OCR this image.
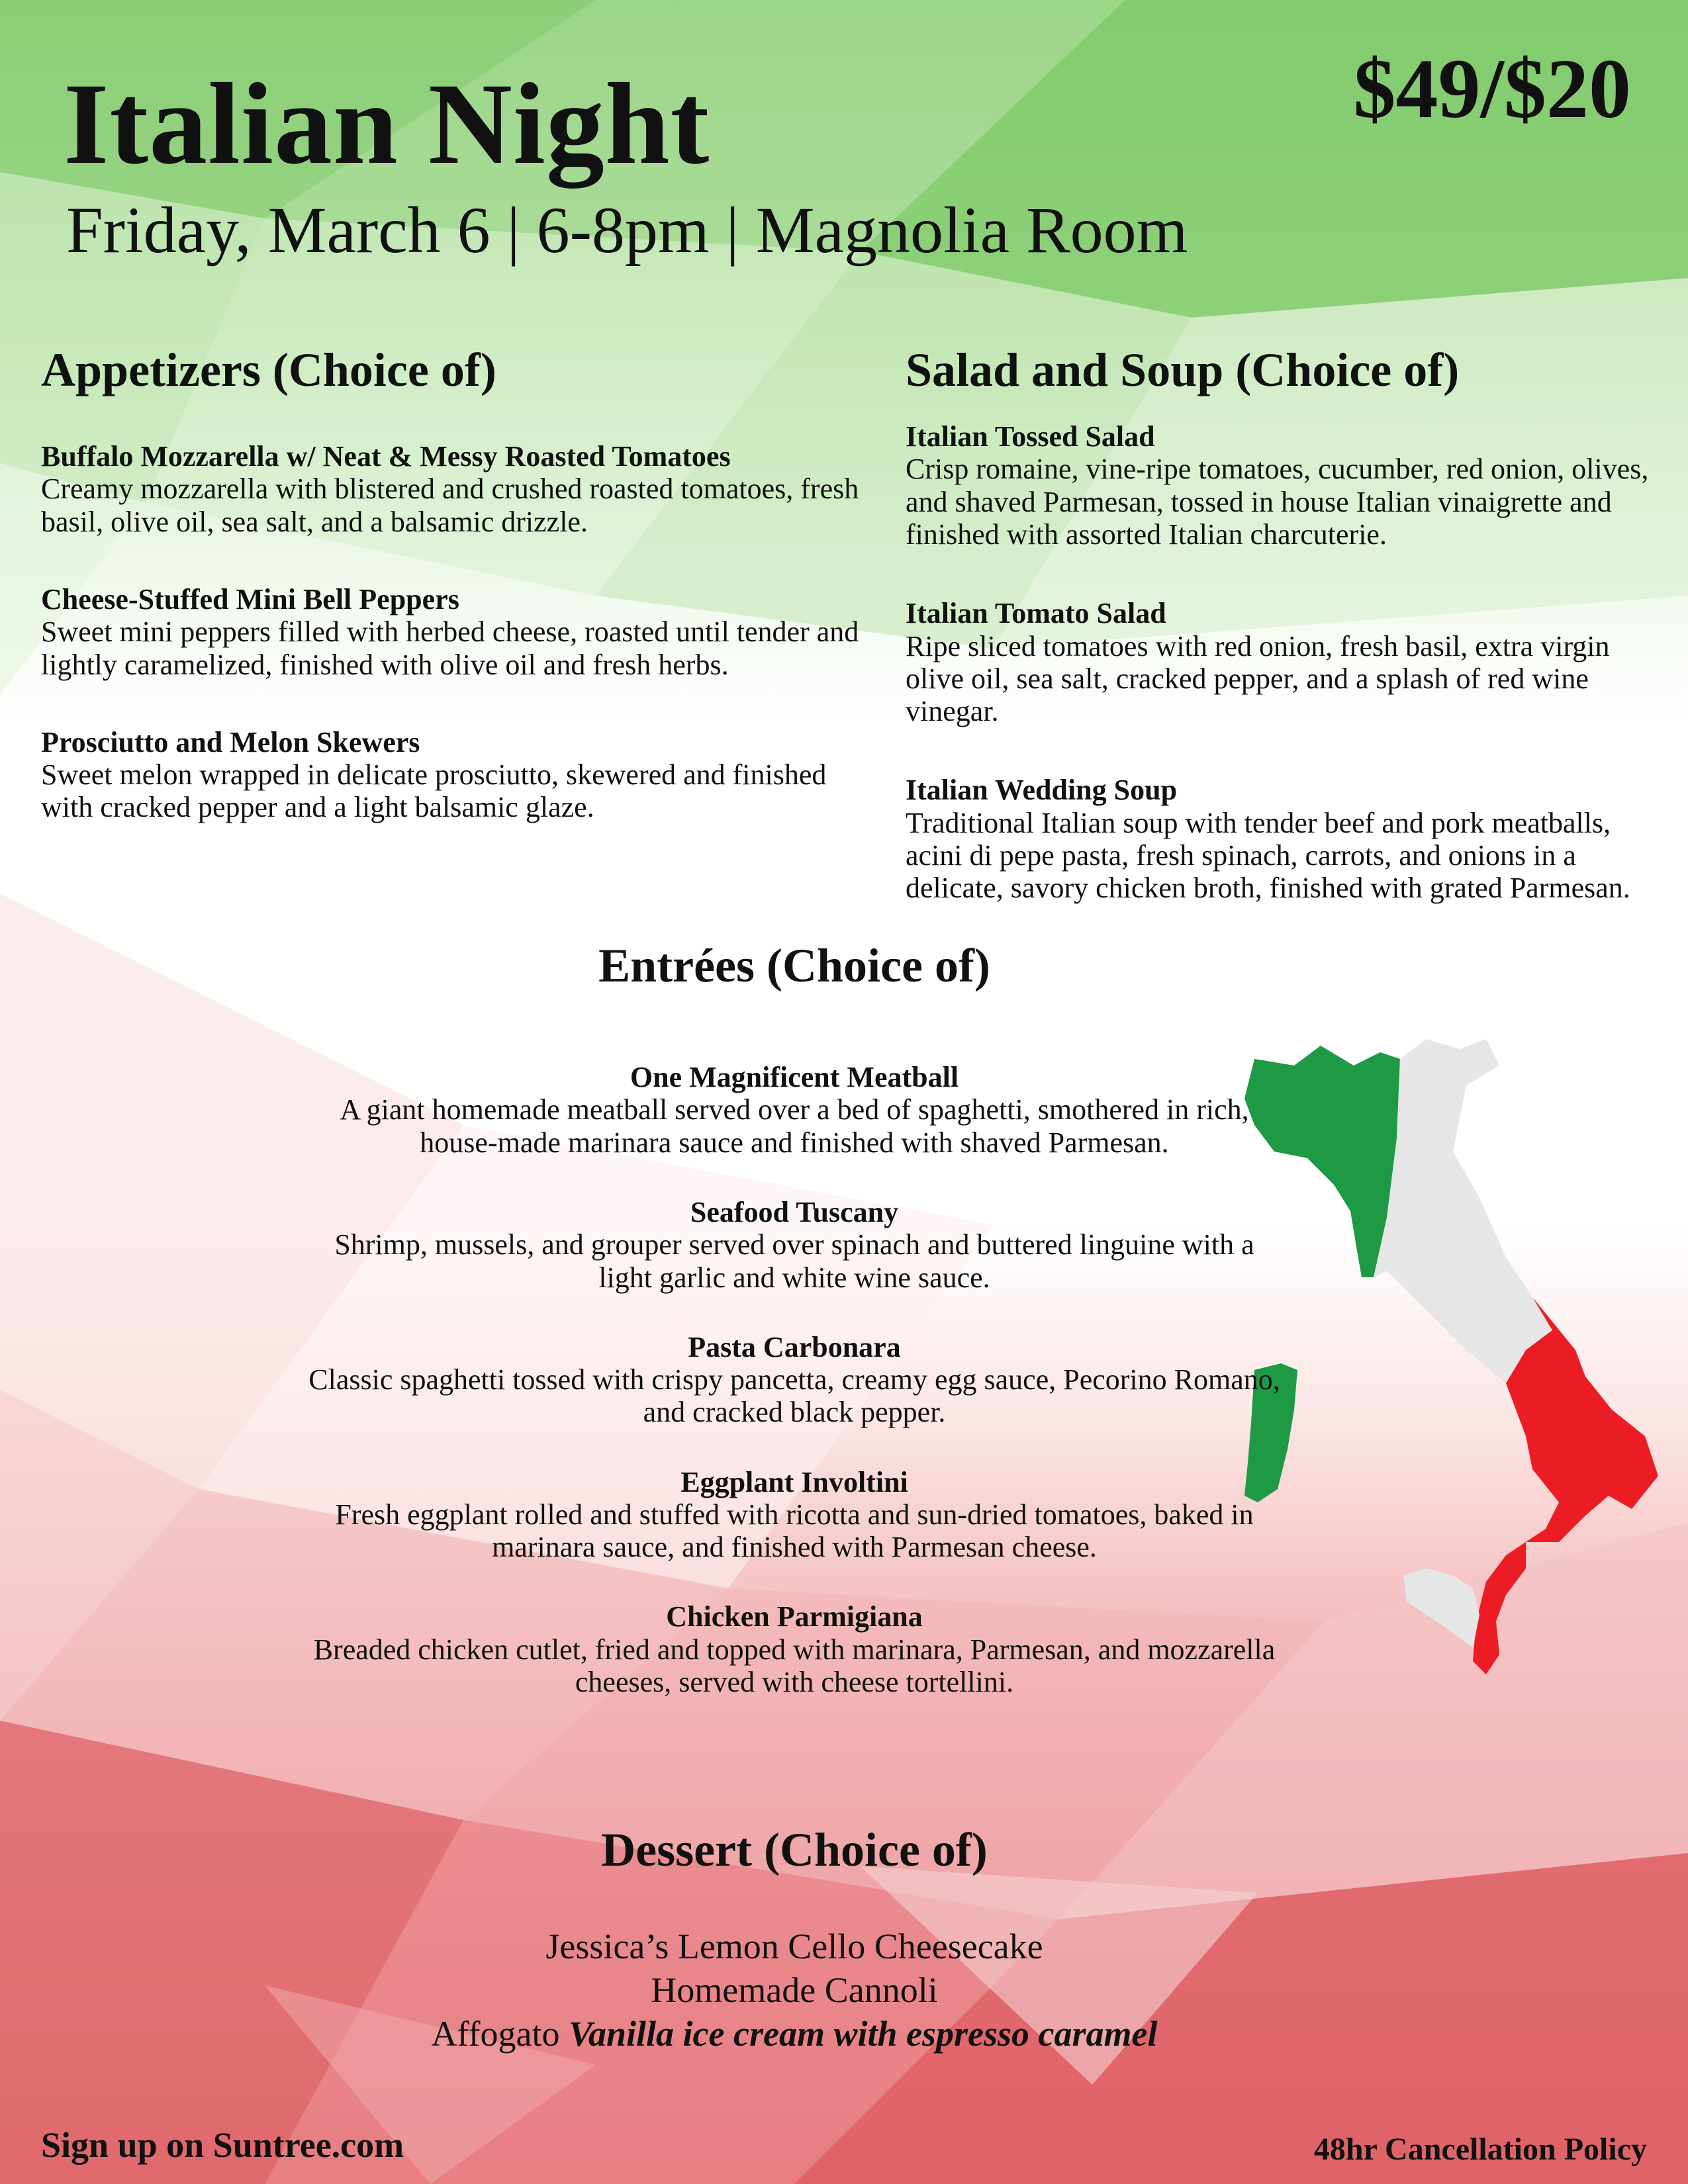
Italian Night
Friday, March 6 | 6-8pm | Magnolia Room
$49/$20
Appetizers (Choice of)
Buffalo Mozzarella w/ Neat & Messy Roasted Tomatoes
Creamy mozzarella with blistered and crushed roasted tomatoes, fresh basil, olive oil, sea salt, and a balsamic drizzle.
Cheese-Stuffed Mini Bell Peppers
Sweet mini peppers filled with herbed cheese, roasted until tender and lightly caramelized, finished with olive oil and fresh herbs.
Prosciutto and Melon Skewers
Sweet melon wrapped in delicate prosciutto, skewered and finished with cracked pepper and a light balsamic glaze.
Salad and Soup (Choice of)
Italian Tossed Salad
Crisp romaine, vine-ripe tomatoes, cucumber, red onion, olives, and shaved Parmesan, tossed in house Italian vinaigrette and finished with assorted Italian charcuterie.
Italian Tomato Salad
Ripe sliced tomatoes with red onion, fresh basil, extra virgin olive oil, sea salt, cracked pepper, and a splash of red wine vinegar.
Italian Wedding Soup
Traditional Italian soup with tender beef and pork meatballs, acini di pepe pasta, fresh spinach, carrots, and onions in a delicate, savory chicken broth, finished with grated Parmesan.
Entrées (Choice of)
One Magnificent Meatball
A giant homemade meatball served over a bed of spaghetti, smothered in rich, house-made marinara sauce and finished with shaved Parmesan.
Seafood Tuscany
Shrimp, mussels, and grouper served over spinach and buttered linguine with a light garlic and white wine sauce.
Pasta Carbonara
Classic spaghetti tossed with crispy pancetta, creamy egg sauce, Pecorino Romano, and cracked black pepper.
Eggplant Involtini
Fresh eggplant rolled and stuffed with ricotta and sun-dried tomatoes, baked in marinara sauce, and finished with Parmesan cheese.
Chicken Parmigiana
Breaded chicken cutlet, fried and topped with marinara, Parmesan, and mozzarella cheeses, served with cheese tortellini.
Dessert (Choice of)
Jessica’s Lemon Cello Cheesecake
Homemade Cannoli
Affogato Vanilla ice cream with espresso caramel
Sign up on Suntree.com	48hr Cancellation Policy
